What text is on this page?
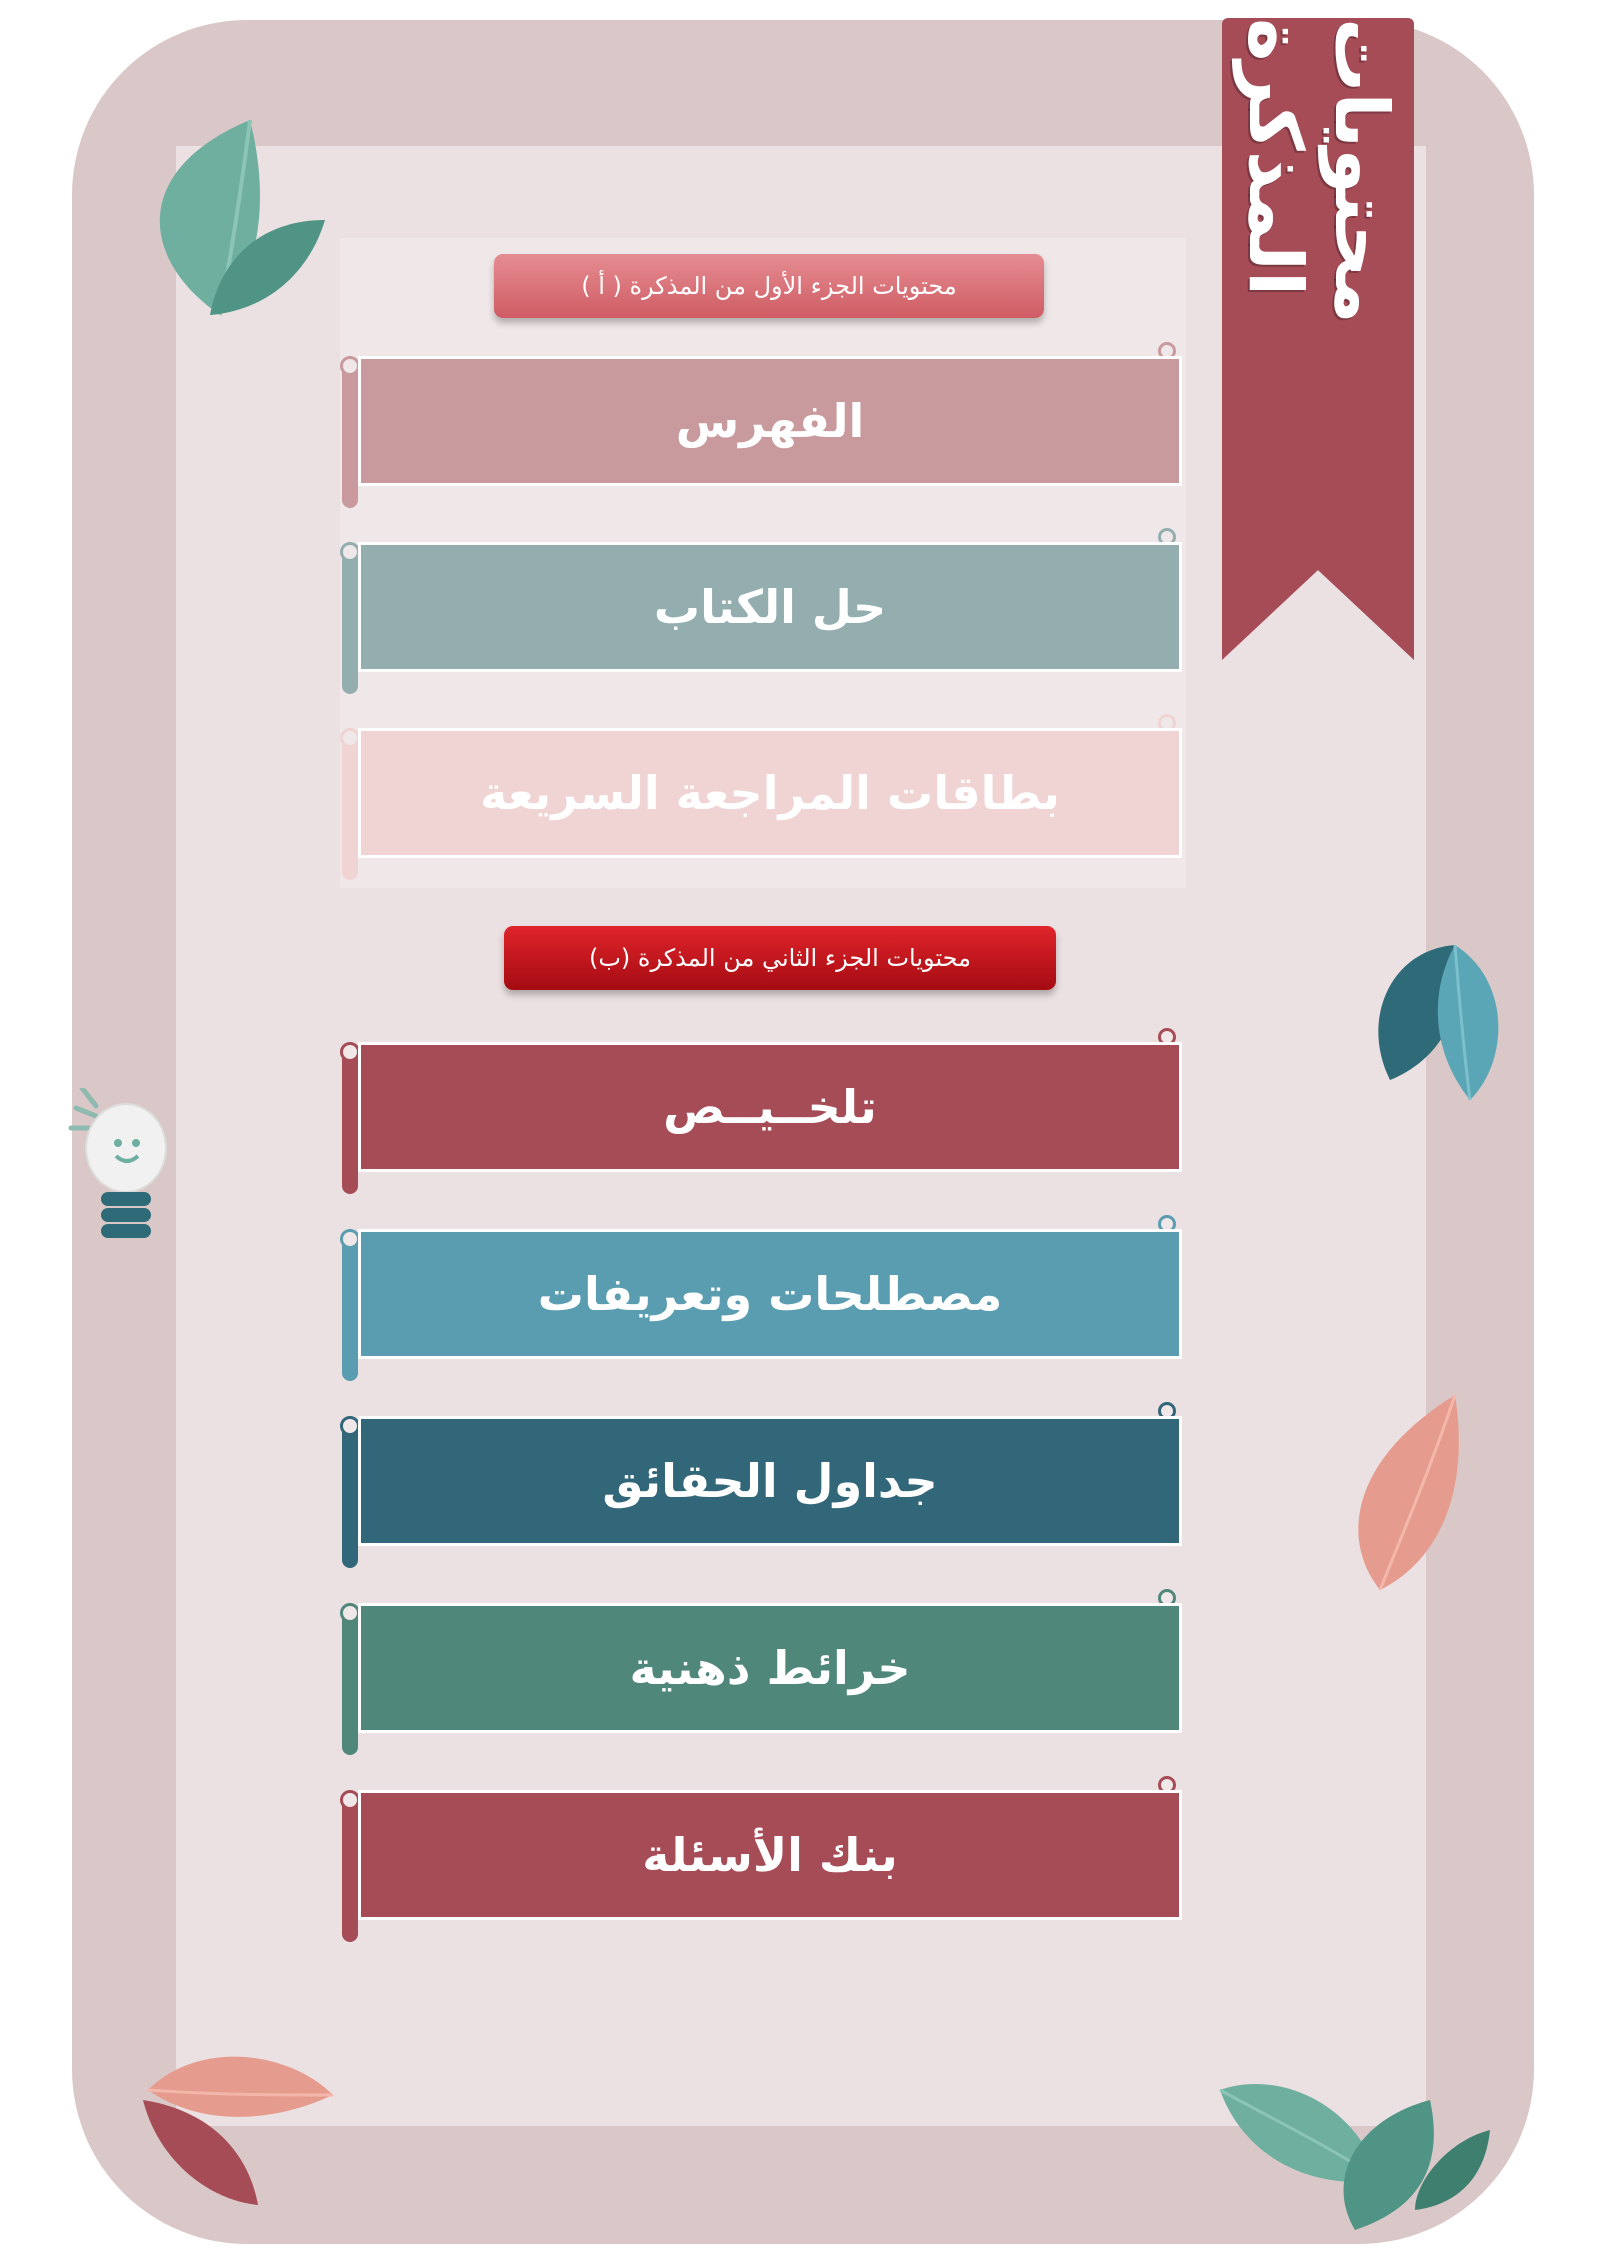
محتويات المذكرة
محتويات الجزء الأول من المذكرة ( أ )
الفهرس
حل الكتاب
بطاقات المراجعة السريعة
محتويات الجزء الثاني من المذكرة (ب)
تلخــيــص
مصطلحات وتعريفات
جداول الحقائق
خرائط ذهنية
بنك الأسئلة
